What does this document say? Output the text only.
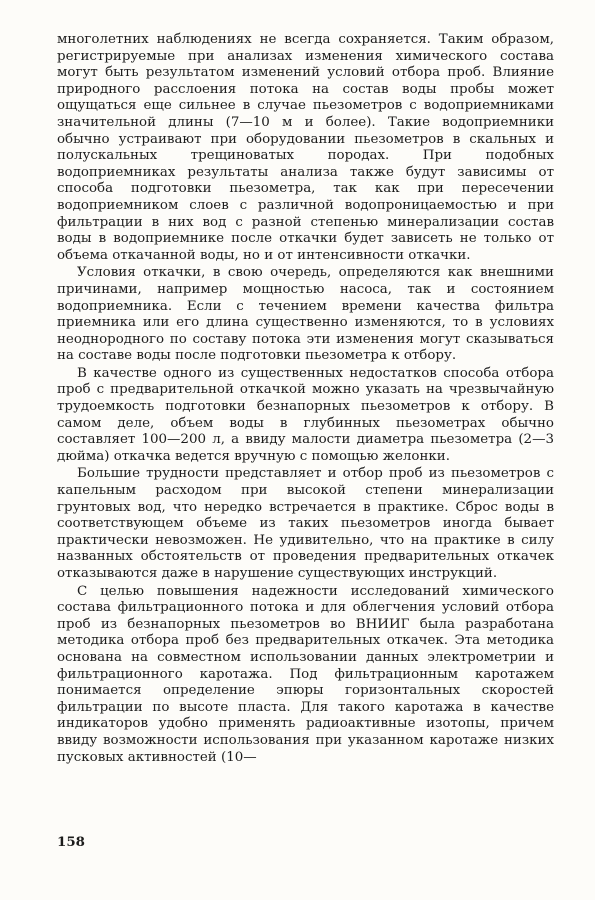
многолетних наблюдениях не всегда сохраняется. Таким образом, регистрируемые при анализах изменения химического состава могут быть результатом изменений условий отбора проб. Влияние природного расслоения потока на состав воды пробы может ощущаться еще сильнее в случае пьезометров с водоприемниками значительной длины (7—10 м и более). Такие водоприемники обычно устраивают при оборудовании пьезометров в скальных и полускальных трещиноватых породах. При подобных водоприемниках результаты анализа также будут зависимы от способа подготовки пьезометра, так как при пересечении водоприемником слоев с различной водопроницаемостью и при фильтрации в них вод с разной степенью минерализации состав воды в водоприемнике после откачки будет зависеть не только от объема откачанной воды, но и от интенсивности откачки.

Условия откачки, в свою очередь, определяются как внешними причинами, например мощностью насоса, так и состоянием водоприемника. Если с течением времени качества фильтра приемника или его длина существенно изменяются, то в условиях неоднородного по составу потока эти изменения могут сказываться на составе воды после подготовки пьезометра к отбору.

В качестве одного из существенных недостатков способа отбора проб с предварительной откачкой можно указать на чрезвычайную трудоемкость подготовки безнапорных пьезометров к отбору. В самом деле, объем воды в глубинных пьезометрах обычно составляет 100—200 л, а ввиду малости диаметра пьезометра (2—3 дюйма) откачка ведется вручную с помощью желонки.

Большие трудности представляет и отбор проб из пьезометров с капельным расходом при высокой степени минерализации грунтовых вод, что нередко встречается в практике. Сброс воды в соответствующем объеме из таких пьезометров иногда бывает практически невозможен. Не удивительно, что на практике в силу названных обстоятельств от проведения предварительных откачек отказываются даже в нарушение существующих инструкций.

С целью повышения надежности исследований химического состава фильтрационного потока и для облегчения условий отбора проб из безнапорных пьезометров во ВНИИГ была разработана методика отбора проб без предварительных откачек. Эта методика основана на совместном использовании данных электрометрии и фильтрационного каротажа. Под фильтрационным каротажем понимается определение эпюры горизонтальных скоростей фильтрации по высоте пласта. Для такого каротажа в качестве индикаторов удобно применять радиоактивные изотопы, причем ввиду возможности использования при указанном каротаже низких пусковых активностей (10—

158
